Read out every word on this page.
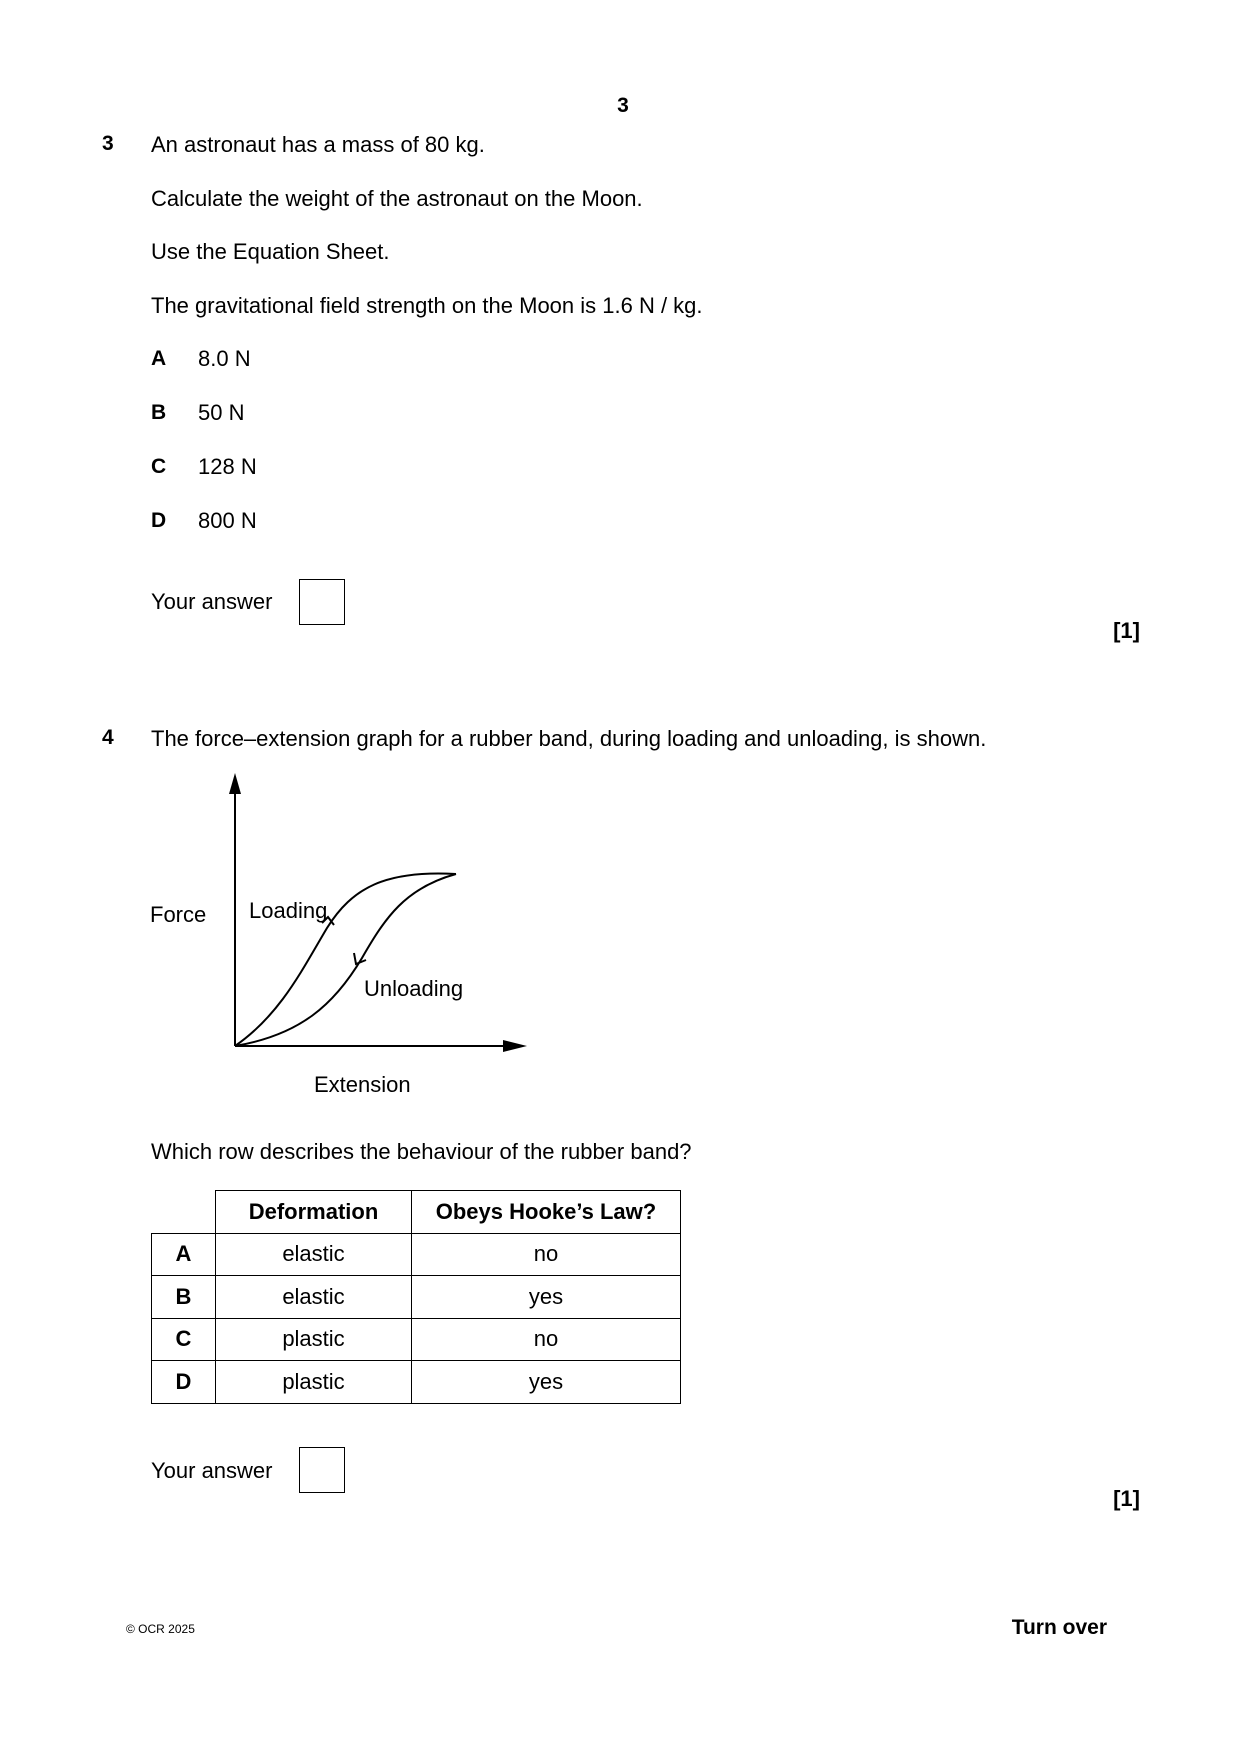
3
3 An astronaut has a mass of 80 kg.
Calculate the weight of the astronaut on the Moon.
Use the Equation Sheet.
The gravitational field strength on the Moon is 1.6 N / kg.
A 8.0 N
B 50 N
C 128 N
D 800 N
Your answer
[1]
4 The force–extension graph for a rubber band, during loading and unloading, is shown.
Force Loading
Unloading
Extension
Which row describes the behaviour of the rubber band?
	Deformation	Obeys Hooke’s Law?
A	elastic	no
B	elastic	yes
C	plastic	no
D	plastic	yes
Your answer
[1]
© OCR 2025	Turn over
